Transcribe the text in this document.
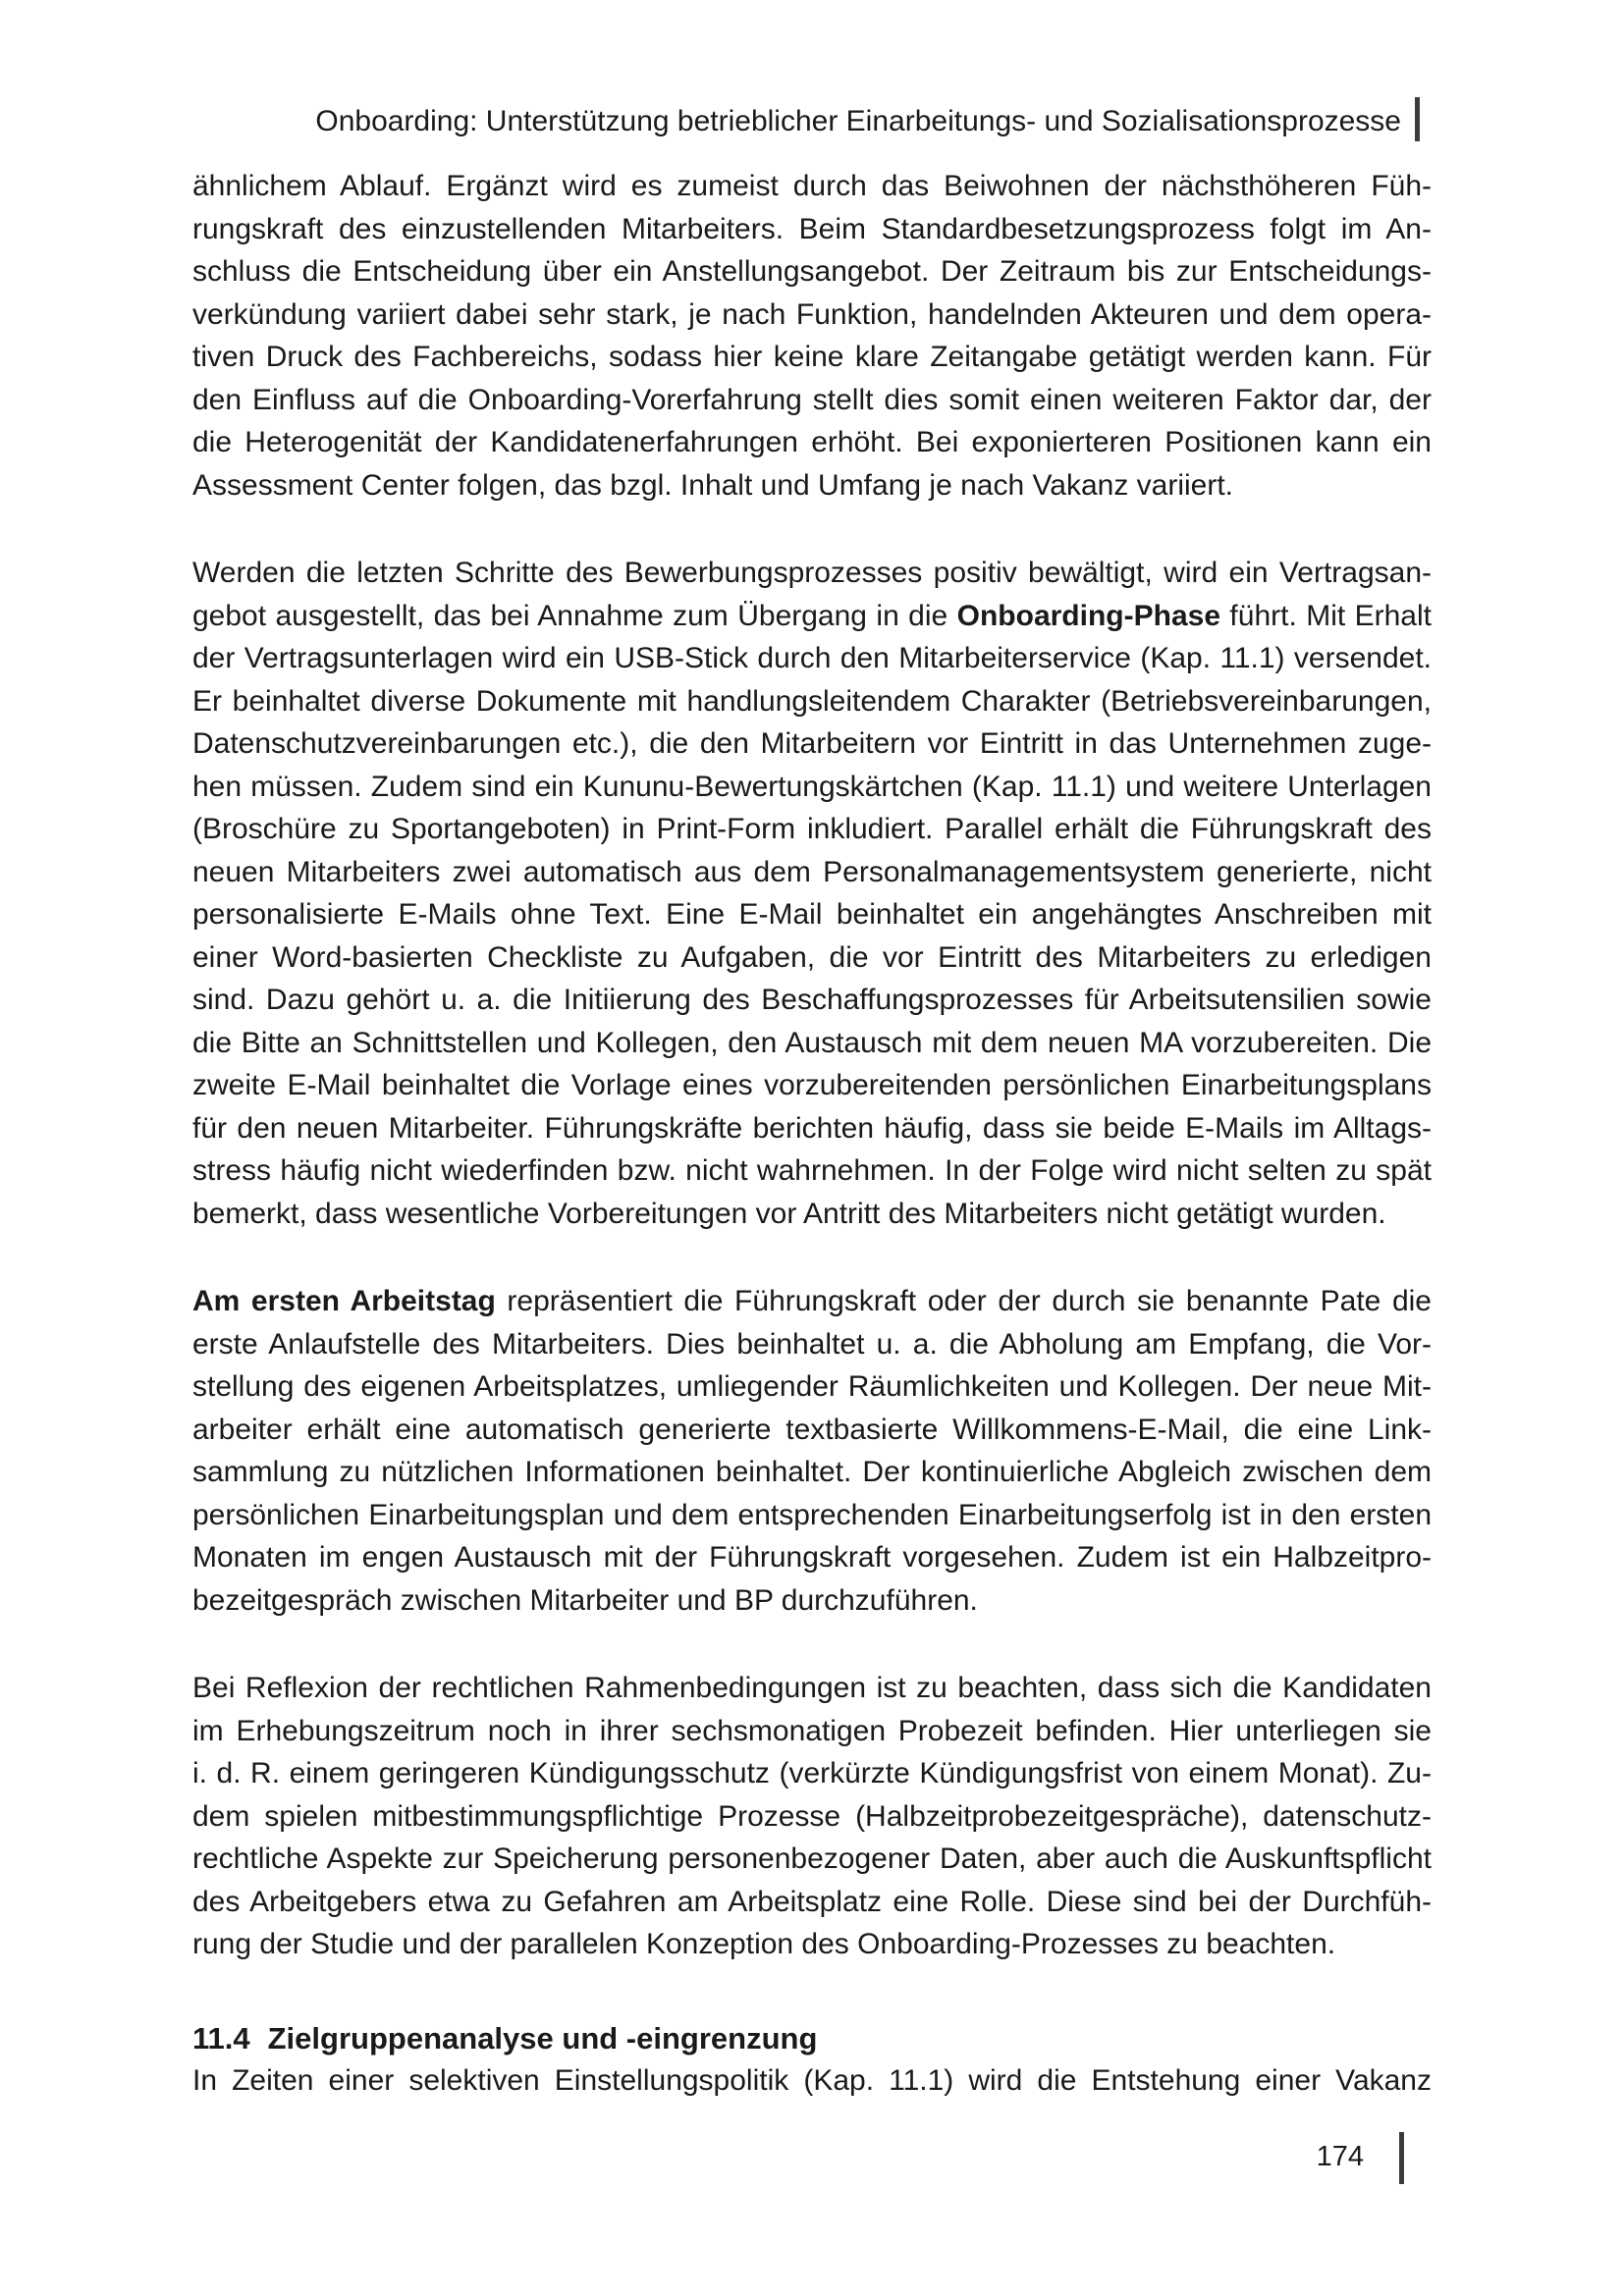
Onboarding: Unterstützung betrieblicher Einarbeitungs- und Sozialisationsprozesse
ähnlichem Ablauf. Ergänzt wird es zumeist durch das Beiwohnen der nächsthöheren Füh-
rungskraft des einzustellenden Mitarbeiters. Beim Standardbesetzungsprozess folgt im An-
schluss die Entscheidung über ein Anstellungsangebot. Der Zeitraum bis zur Entscheidungs-
verkündung variiert dabei sehr stark, je nach Funktion, handelnden Akteuren und dem opera-
tiven Druck des Fachbereichs, sodass hier keine klare Zeitangabe getätigt werden kann. Für
den Einfluss auf die Onboarding-Vorerfahrung stellt dies somit einen weiteren Faktor dar, der
die Heterogenität der Kandidatenerfahrungen erhöht. Bei exponierteren Positionen kann ein
Assessment Center folgen, das bzgl. Inhalt und Umfang je nach Vakanz variiert.
Werden die letzten Schritte des Bewerbungsprozesses positiv bewältigt, wird ein Vertragsan-
gebot ausgestellt, das bei Annahme zum Übergang in die Onboarding-Phase führt. Mit Erhalt
der Vertragsunterlagen wird ein USB-Stick durch den Mitarbeiterservice (Kap. 11.1) versendet.
Er beinhaltet diverse Dokumente mit handlungsleitendem Charakter (Betriebsvereinbarungen,
Datenschutzvereinbarungen etc.), die den Mitarbeitern vor Eintritt in das Unternehmen zuge-
hen müssen. Zudem sind ein Kununu-Bewertungskärtchen (Kap. 11.1) und weitere Unterlagen
(Broschüre zu Sportangeboten) in Print-Form inkludiert. Parallel erhält die Führungskraft des
neuen Mitarbeiters zwei automatisch aus dem Personalmanagementsystem generierte, nicht
personalisierte E-Mails ohne Text. Eine E-Mail beinhaltet ein angehängtes Anschreiben mit
einer Word-basierten Checkliste zu Aufgaben, die vor Eintritt des Mitarbeiters zu erledigen
sind. Dazu gehört u. a. die Initiierung des Beschaffungsprozesses für Arbeitsutensilien sowie
die Bitte an Schnittstellen und Kollegen, den Austausch mit dem neuen MA vorzubereiten. Die
zweite E-Mail beinhaltet die Vorlage eines vorzubereitenden persönlichen Einarbeitungsplans
für den neuen Mitarbeiter. Führungskräfte berichten häufig, dass sie beide E-Mails im Alltags-
stress häufig nicht wiederfinden bzw. nicht wahrnehmen. In der Folge wird nicht selten zu spät
bemerkt, dass wesentliche Vorbereitungen vor Antritt des Mitarbeiters nicht getätigt wurden.
Am ersten Arbeitstag repräsentiert die Führungskraft oder der durch sie benannte Pate die
erste Anlaufstelle des Mitarbeiters. Dies beinhaltet u. a. die Abholung am Empfang, die Vor-
stellung des eigenen Arbeitsplatzes, umliegender Räumlichkeiten und Kollegen. Der neue Mit-
arbeiter erhält eine automatisch generierte textbasierte Willkommens-E-Mail, die eine Link-
sammlung zu nützlichen Informationen beinhaltet. Der kontinuierliche Abgleich zwischen dem
persönlichen Einarbeitungsplan und dem entsprechenden Einarbeitungserfolg ist in den ersten
Monaten im engen Austausch mit der Führungskraft vorgesehen. Zudem ist ein Halbzeitpro-
bezeitgespräch zwischen Mitarbeiter und BP durchzuführen.
Bei Reflexion der rechtlichen Rahmenbedingungen ist zu beachten, dass sich die Kandidaten
im Erhebungszeitrum noch in ihrer sechsmonatigen Probezeit befinden. Hier unterliegen sie
i. d. R. einem geringeren Kündigungsschutz (verkürzte Kündigungsfrist von einem Monat). Zu-
dem spielen mitbestimmungspflichtige Prozesse (Halbzeitprobezeitgespräche), datenschutz-
rechtliche Aspekte zur Speicherung personenbezogener Daten, aber auch die Auskunftspflicht
des Arbeitgebers etwa zu Gefahren am Arbeitsplatz eine Rolle. Diese sind bei der Durchfüh-
rung der Studie und der parallelen Konzeption des Onboarding-Prozesses zu beachten.
11.4 Zielgruppenanalyse und -eingrenzung
In Zeiten einer selektiven Einstellungspolitik (Kap. 11.1) wird die Entstehung einer Vakanz
174
